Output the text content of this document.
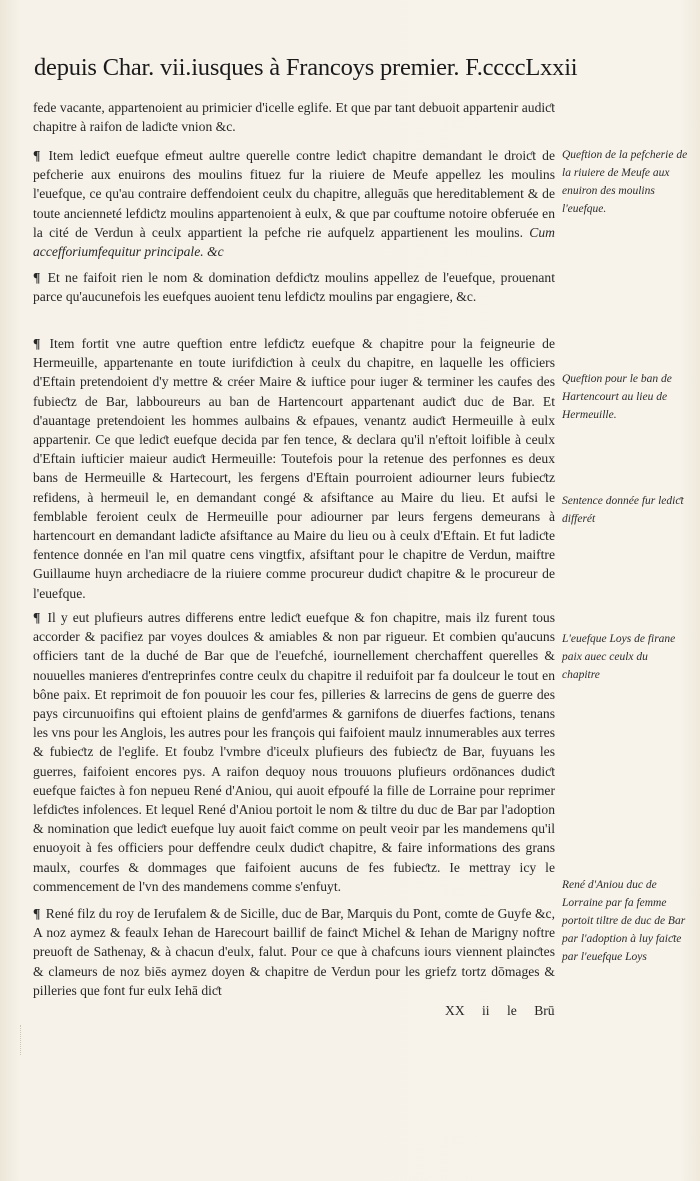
depuis Char. vii.iusques à Francoys premier. F.ccccLxxii

fede vacante, appartenoient au primicier d'icelle eglife. Et que par tant debuoit appartenir audiƈt chapitre à raifon de ladiƈte vnion &c.

¶ Item lediƈt euefque efmeut aultre querelle contre lediƈt chapitre demandant le droiƈt de pefcherie aux enuirons des moulins fituez fur la riuiere de Meufe appellez les moulins l'euefque, ce qu'au contraire deffendoient ceulx du chapitre, alleguās que hereditablement & de toute ancienneté lefdiƈtz moulins appartenoient à eulx, & que par couftume notoire obferuée en la cité de Verdun à ceulx appartient la pefche rie aufquelz appartienent les moulins. Cum accefforiumfequitur principale. &c

¶ Et ne faifoit rien le nom & domination defdiƈtz moulins appellez de l'euefque, prouenant parce qu'aucunefois les euefques auoient tenu lefdiƈtz moulins par engagiere, &c.

¶ Item fortit vne autre queftion entre lefdiƈtz euefque & chapitre pour la feigneurie de Hermeuille, appartenante en toute iurifdiƈtion à ceulx du chapitre, en laquelle les officiers d'Eftain pretendoient d'y mettre & créer Maire & iuftice pour iuger & terminer les caufes des fubieƈtz de Bar, labboureurs au ban de Hartencourt appartenant audiƈt duc de Bar. Et d'auantage pretendoient les hommes aulbains & efpaues, venantz audiƈt Hermeuille à eulx appartenir. Ce que lediƈt euefque decida par fen tence, & declara qu'il n'eftoit loifible à ceulx d'Eftain iufticier maieur audiƈt Hermeuille: Toutefois pour la retenue des perfonnes es deux bans de Hermeuille & Hartecourt, les fergens d'Eftain pourroient adiourner leurs fubieƈtz refidens, à hermeuil le, en demandant congé & afsiftance au Maire du lieu. Et aufsi le femblable feroient ceulx de Hermeuille pour adiourner par leurs fergens demeurans à hartencourt en demandant ladiƈte afsiftance au Maire du lieu ou à ceulx d'Eftain. Et fut ladiƈte fentence donnée en l'an mil quatre cens vingtfix, afsiftant pour le chapitre de Verdun, maiftre Guillaume huyn archediacre de la riuiere comme procureur dudiƈt chapitre & le procureur de l'euefque.

¶ Il y eut plufieurs autres differens entre lediƈt euefque & fon chapitre, mais ilz furent tous accorder & pacifiez par voyes doulces & amiables & non par rigueur. Et combien qu'aucuns officiers tant de la duché de Bar que de l'euefché, iournellement cherchaffent querelles & nouuelles manieres d'entreprinfes contre ceulx du chapitre il reduifoit par fa doulceur le tout en bône paix. Et reprimoit de fon pouuoir les cour fes, pilleries & larrecins de gens de guerre des pays circunuoifins qui eftoient plains de genfd'armes & garnifons de diuerfes faƈtions, tenans les vns pour les Anglois, les autres pour les françois qui faifoient maulz innumerables aux terres & fubieƈtz de l'eglife. Et foubz l'vmbre d'iceulx plufieurs des fubieƈtz de Bar, fuyuans les guerres, faifoient encores pys. A raifon dequoy nous trouuons plufieurs ordōnances dudiƈt euefque faiƈtes à fon nepueu René d'Aniou, qui auoit efpoufé la fille de Lorraine pour reprimer lefdiƈtes infolences. Et lequel René d'Aniou portoit le nom & tiltre du duc de Bar par l'adoption & nomination que lediƈt euefque luy auoit faiƈt comme on peult veoir par les mandemens qu'il enuoyoit à fes officiers pour deffendre ceulx dudiƈt chapitre, & faire informations des grans maulx, courfes & dommages que faifoient aucuns de fes fubieƈtz. Ie mettray icy le commencement de l'vn des mandemens comme s'enfuyt.

¶ René filz du roy de Ierufalem & de Sicille, duc de Bar, Marquis du Pont, comte de Guyfe &c, A noz aymez & feaulx Iehan de Harecourt baillif de fainƈt Michel & Iehan de Marigny noftre preuoft de Sathenay, & à chacun d'eulx, falut. Pour ce que à chafcuns iours viennent plainƈtes & clameurs de noz biēs aymez doyen & chapitre de Verdun pour les griefz tortz dōmages & pilleries que font fur eulx Iehā diƈt

XX ii le Brū
Queftion de la pefcherie de la riuiere de Meufe aux enuiron des moulins l'euefque.
Queftion pour le ban de Hartencourt au lieu de Hermeuille.
Sentence donnée fur lediƈt differét
L'euefque Loys de firane paix auec ceulx du chapitre
René d'Aniou duc de Lorraine par fa femme portoit tiltre de duc de Bar par l'adoption à luy faiƈte par l'euefque Loys
